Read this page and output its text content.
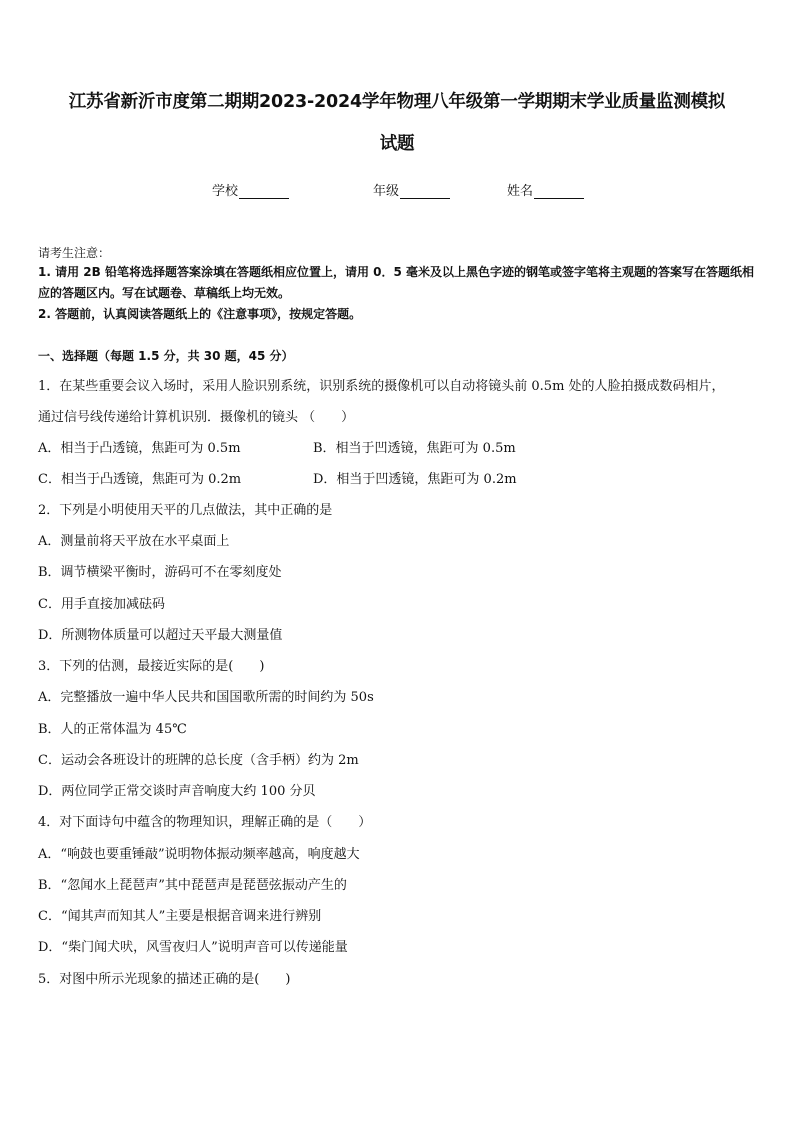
江苏省新沂市度第二期期2023-2024学年物理八年级第一学期期末学业质量监测模拟
试题
学校	年级	姓名
请考生注意：
1. 请用 2B 铅笔将选择题答案涂填在答题纸相应位置上，请用 0．5 毫米及以上黑色字迹的钢笔或签字笔将主观题的答案写在答题纸相应的答题区内。写在试题卷、草稿纸上均无效。
2. 答题前，认真阅读答题纸上的《注意事项》，按规定答题。
一、选择题（每题 1.5 分，共 30 题，45 分）
1．在某些重要会议入场时，采用人脸识别系统，识别系统的摄像机可以自动将镜头前 0.5m 处的人脸拍摄成数码相片，
通过信号线传递给计算机识别．摄像机的镜头 （　　）
A．相当于凸透镜，焦距可为 0.5m	B．相当于凹透镜，焦距可为 0.5m
C．相当于凸透镜，焦距可为 0.2m	D．相当于凹透镜，焦距可为 0.2m
2．下列是小明使用天平的几点做法，其中正确的是
A．测量前将天平放在水平桌面上
B．调节横梁平衡时，游码可不在零刻度处
C．用手直接加减砝码
D．所测物体质量可以超过天平最大测量值
3．下列的估测，最接近实际的是(　　)
A．完整播放一遍中华人民共和国国歌所需的时间约为 50s
B．人的正常体温为 45℃
C．运动会各班设计的班牌的总长度（含手柄）约为 2m
D．两位同学正常交谈时声音响度大约 100 分贝
4．对下面诗句中蕴含的物理知识，理解正确的是（　　）
A．“响鼓也要重锤敲”说明物体振动频率越高，响度越大
B．“忽闻水上琵琶声”其中琵琶声是琵琶弦振动产生的
C．“闻其声而知其人”主要是根据音调来进行辨别
D．“柴门闻犬吠，风雪夜归人”说明声音可以传递能量
5．对图中所示光现象的描述正确的是(　　)
